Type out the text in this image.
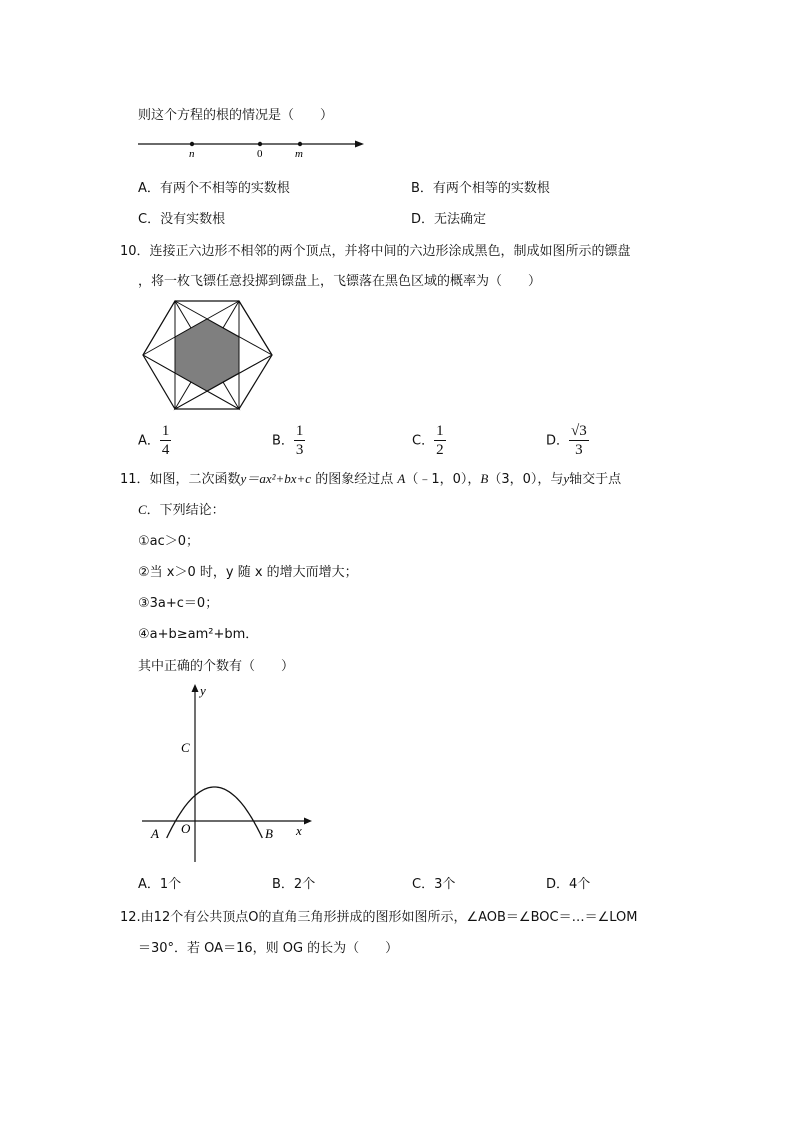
则这个方程的根的情况是（　　）
n	0	m
A．有两个不相等的实数根	B．有两个相等的实数根
C．没有实数根	D．无法确定
10．连接正六边形不相邻的两个顶点，并将中间的六边形涂成黑色，制成如图所示的镖盘
，将一枚飞镖任意投掷到镖盘上，飞镖落在黑色区域的概率为（　　）
A． $\frac{1}{4}$	B． $\frac{1}{3}$	C． $\frac{1}{2}$	D． $\frac{√3}{3}$
11．如图，二次函数y＝ax²+bx+c 的图象经过点 A（﹣1，0），B（3，0），与y轴交于点
C．下列结论：
①ac＞0；
②当 x＞0 时，y 随 x 的增大而增大；
③3a+c＝0；
④a+b≥am²+bm．
其中正确的个数有（　　）
y
C
A O	B x
A．1个	B．2个	C．3个	D．4个
12.由12个有公共顶点O的直角三角形拼成的图形如图所示，∠AOB＝∠BOC＝…＝∠LOM
＝30°．若 OA＝16，则 OG 的长为（　　）
